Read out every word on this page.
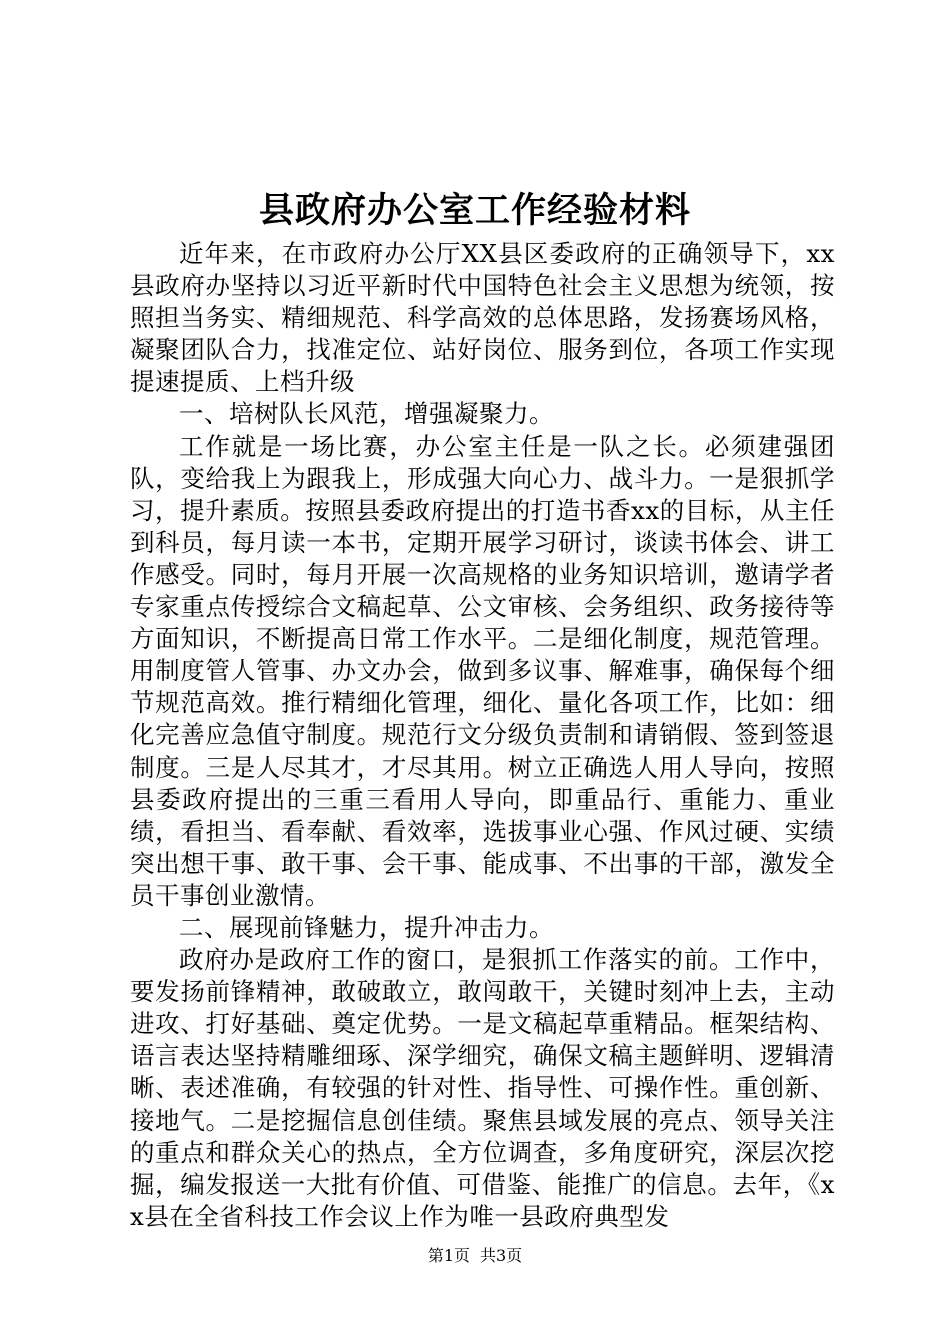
县政府办公室工作经验材料

近年来，在市政府办公厅XX县区委政府的正确领导下，xx县政府办坚持以习近平新时代中国特色社会主义思想为统领，按照担当务实、精细规范、科学高效的总体思路，发扬赛场风格，凝聚团队合力，找准定位、站好岗位、服务到位，各项工作实现提速提质、上档升级

一、培树队长风范，增强凝聚力。

工作就是一场比赛，办公室主任是一队之长。必须建强团队，变给我上为跟我上，形成强大向心力、战斗力。一是狠抓学习，提升素质。按照县委政府提出的打造书香xx的目标，从主任到科员，每月读一本书，定期开展学习研讨，谈读书体会、讲工作感受。同时，每月开展一次高规格的业务知识培训，邀请学者专家重点传授综合文稿起草、公文审核、会务组织、政务接待等方面知识，不断提高日常工作水平。二是细化制度，规范管理。用制度管人管事、办文办会，做到多议事、解难事，确保每个细节规范高效。推行精细化管理，细化、量化各项工作，比如：细化完善应急值守制度。规范行文分级负责制和请销假、签到签退制度。三是人尽其才，才尽其用。树立正确选人用人导向，按照县委政府提出的三重三看用人导向，即重品行、重能力、重业绩，看担当、看奉献、看效率，选拔事业心强、作风过硬、实绩突出想干事、敢干事、会干事、能成事、不出事的干部，激发全员干事创业激情。

二、展现前锋魅力，提升冲击力。

政府办是政府工作的窗口，是狠抓工作落实的前。工作中，要发扬前锋精神，敢破敢立，敢闯敢干，关键时刻冲上去，主动进攻、打好基础、奠定优势。一是文稿起草重精品。框架结构、语言表达坚持精雕细琢、深学细究，确保文稿主题鲜明、逻辑清晰、表述准确，有较强的针对性、指导性、可操作性。重创新、接地气。二是挖掘信息创佳绩。聚焦县域发展的亮点、领导关注的重点和群众关心的热点，全方位调查，多角度研究，深层次挖掘，编发报送一大批有价值、可借鉴、能推广的信息。去年，《xx县在全省科技工作会议上作为唯一县政府典型发

第1页 共3页
